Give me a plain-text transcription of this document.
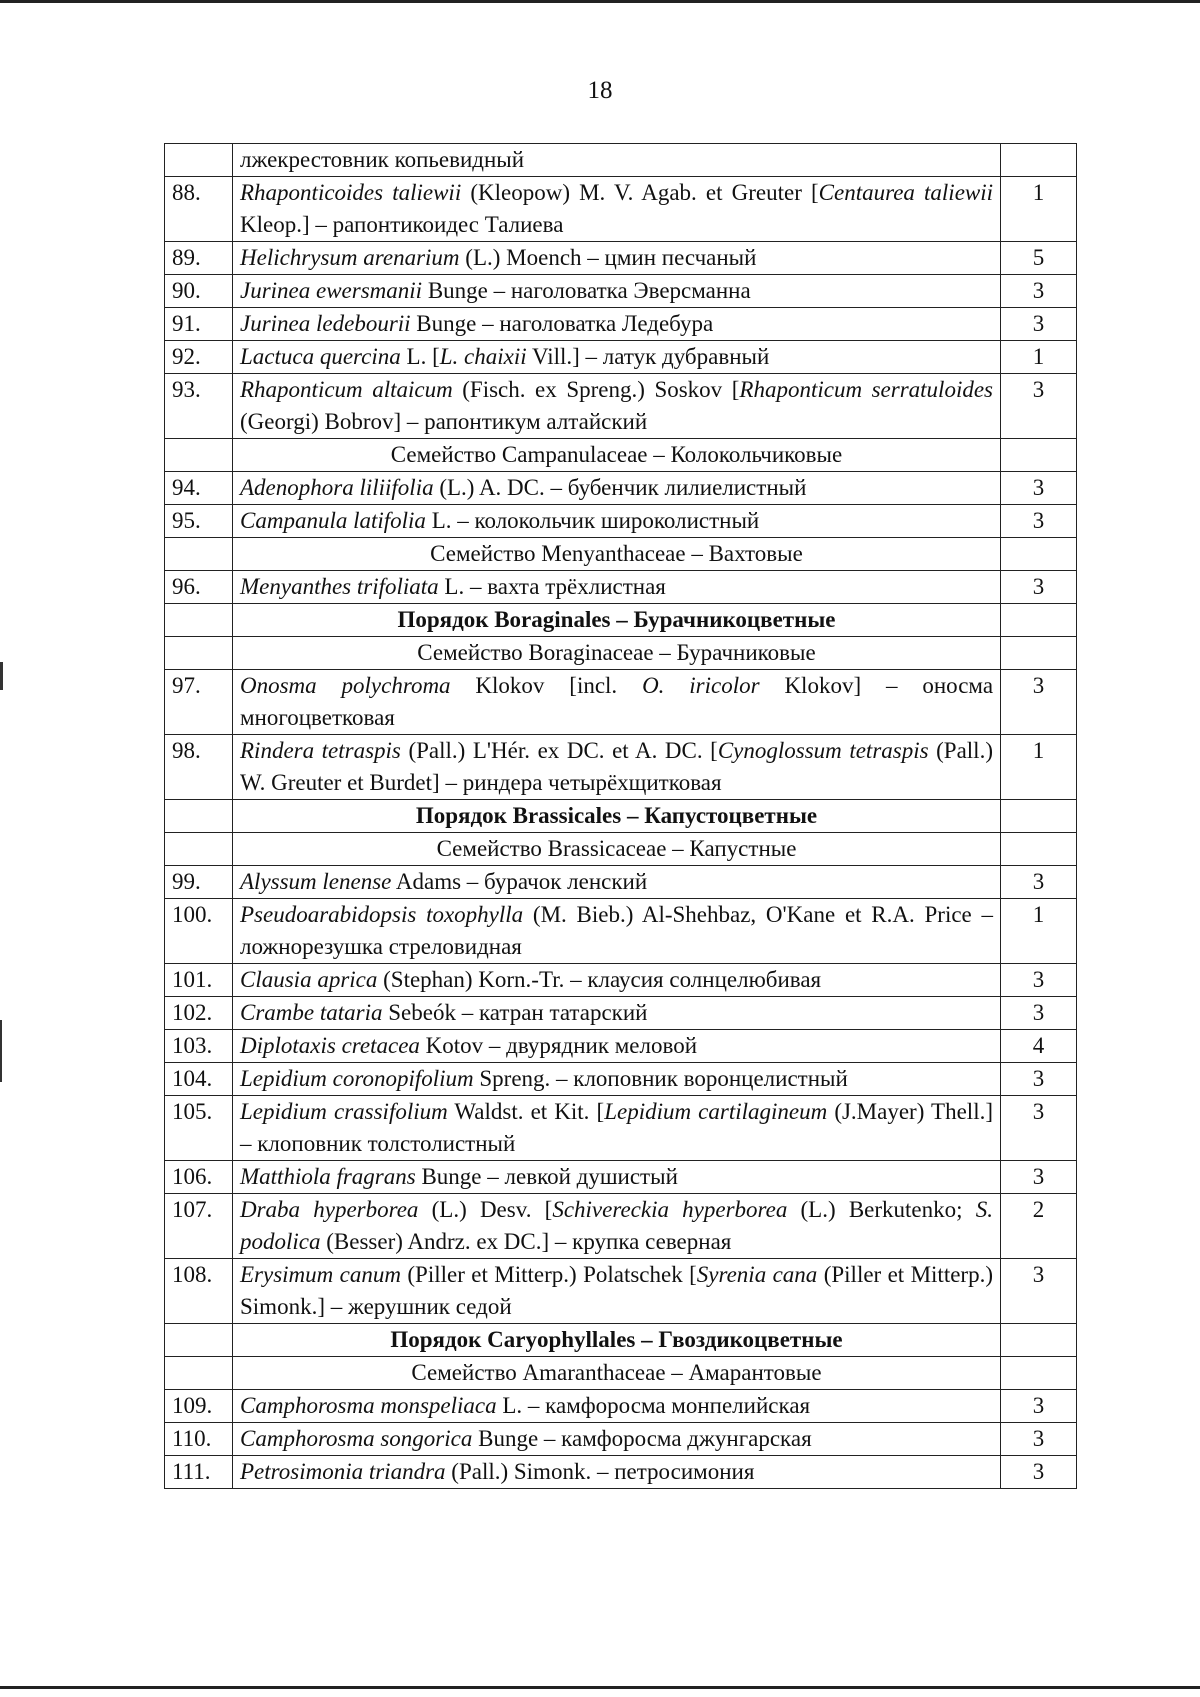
18
	лжекрестовник копьевидный	
88.	Rhaponticoides taliewii (Kleopow) M. V. Agab. et Greuter [Centaurea taliewii Kleop.] – рапонтикоидес Талиева	1
89.	Helichrysum arenarium (L.) Moench – цмин песчаный	5
90.	Jurinea ewersmanii Bunge – наголоватка Эверсманна	3
91.	Jurinea ledebourii Bunge – наголоватка Ледебура	3
92.	Lactuca quercina L. [L. chaixii Vill.] – латук дубравный	1
93.	Rhaponticum altaicum (Fisch. ex Spreng.) Soskov [Rhaponticum serratuloides (Georgi) Bobrov] – рапонтикум алтайский	3
	Семейство Campanulaceae – Колокольчиковые	
94.	Adenophora liliifolia (L.) A. DC. – бубенчик лилиелистный	3
95.	Campanula latifolia L. – колокольчик широколистный	3
	Семейство Menyanthaceae – Вахтовые	
96.	Menyanthes trifoliata L. – вахта трёхлистная	3
	Порядок Boraginales – Бурачникоцветные	
	Семейство Boraginaceae – Бурачниковые	
97.	Onosma polychroma Klokov [incl. O. iricolor Klokov] – оносма многоцветковая	3
98.	Rindera tetraspis (Pall.) L'Hér. ex DC. et A. DC. [Cynoglossum tetraspis (Pall.) W. Greuter et Burdet] – риндера четырёхщитковая	1
	Порядок Brassicales – Капустоцветные	
	Семейство Brassicaceae – Капустные	
99.	Alyssum lenense Adams – бурачок ленский	3
100.	Pseudoarabidopsis toxophylla (M. Bieb.) Al-Shehbaz, O'Kane et R.A. Price – ложнорезушка стреловидная	1
101.	Clausia aprica (Stephan) Korn.-Tr. – клаусия солнцелюбивая	3
102.	Crambe tataria Sebeók – катран татарский	3
103.	Diplotaxis cretacea Kotov – двурядник меловой	4
104.	Lepidium coronopifolium Spreng. – клоповник воронцелистный	3
105.	Lepidium crassifolium Waldst. et Kit. [Lepidium cartilagineum (J.Mayer) Thell.] – клоповник толстолистный	3
106.	Matthiola fragrans Bunge – левкой душистый	3
107.	Draba hyperborea (L.) Desv. [Schivereckia hyperborea (L.) Berkutenko; S. podolica (Besser) Andrz. ex DC.] – крупка северная	2
108.	Erysimum canum (Piller et Mitterp.) Polatschek [Syrenia cana (Piller et Mitterp.) Simonk.] – жерушник седой	3
	Порядок Caryophyllales – Гвоздикоцветные	
	Семейство Amaranthaceae – Амарантовые	
109.	Camphorosma monspeliaca L. – камфоросма монпелийская	3
110.	Camphorosma songorica Bunge – камфоросма джунгарская	3
111.	Petrosimonia triandra (Pall.) Simonk. – петросимония	3
